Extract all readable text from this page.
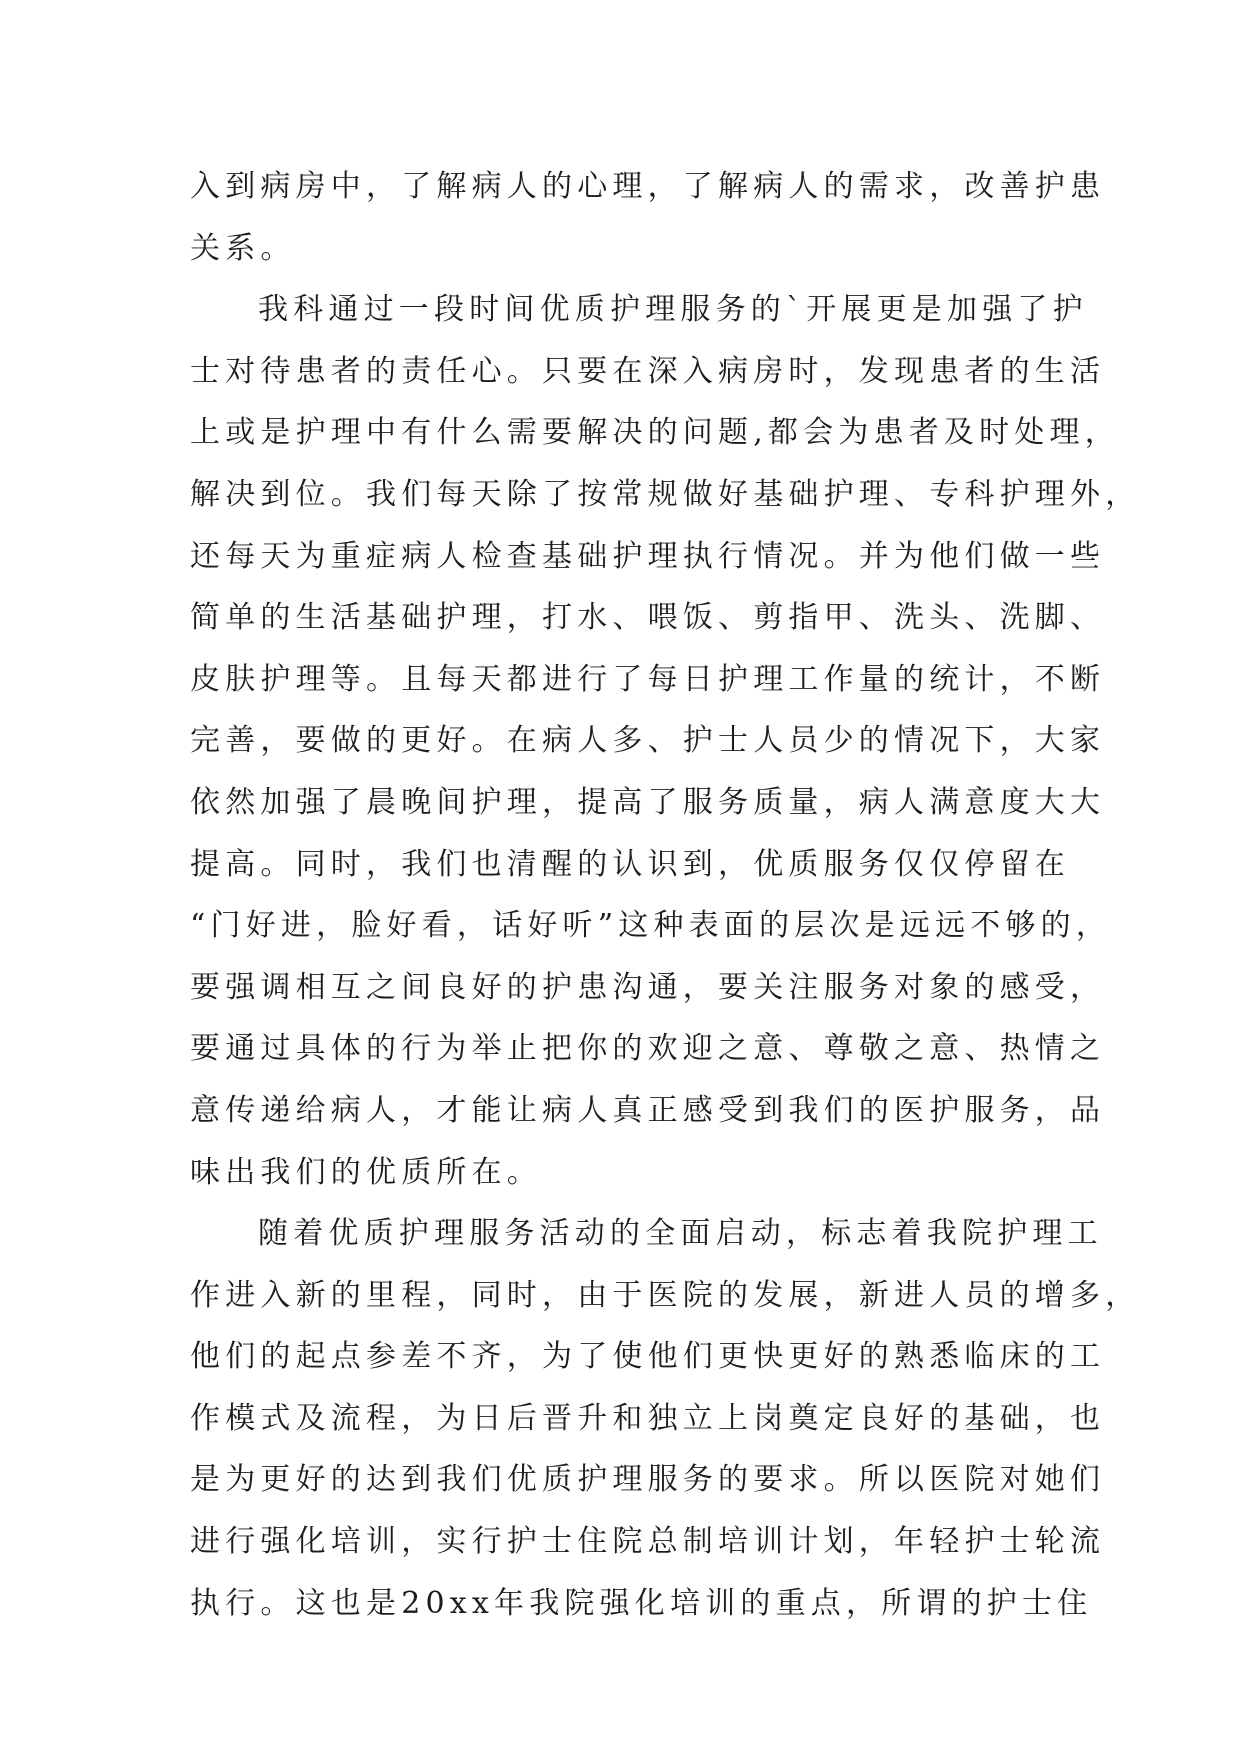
入到病房中，了解病人的心理，了解病人的需求，改善护患
关系。

我科通过一段时间优质护理服务的`开展更是加强了护
士对待患者的责任心。只要在深入病房时，发现患者的生活
上或是护理中有什么需要解决的问题,都会为患者及时处理，
解决到位。我们每天除了按常规做好基础护理、专科护理外，
还每天为重症病人检查基础护理执行情况。并为他们做一些
简单的生活基础护理，打水、喂饭、剪指甲、洗头、洗脚、
皮肤护理等。且每天都进行了每日护理工作量的统计，不断
完善，要做的更好。在病人多、护士人员少的情况下，大家
依然加强了晨晚间护理，提高了服务质量，病人满意度大大
提高。同时，我们也清醒的认识到，优质服务仅仅停留在
“门好进，脸好看，话好听”这种表面的层次是远远不够的，
要强调相互之间良好的护患沟通，要关注服务对象的感受，
要通过具体的行为举止把你的欢迎之意、尊敬之意、热情之
意传递给病人，才能让病人真正感受到我们的医护服务，品
味出我们的优质所在。

随着优质护理服务活动的全面启动，标志着我院护理工
作进入新的里程，同时，由于医院的发展，新进人员的增多，
他们的起点参差不齐，为了使他们更快更好的熟悉临床的工
作模式及流程，为日后晋升和独立上岗奠定良好的基础，也
是为更好的达到我们优质护理服务的要求。所以医院对她们
进行强化培训，实行护士住院总制培训计划，年轻护士轮流
执行。这也是20xx年我院强化培训的重点，所谓的护士住
